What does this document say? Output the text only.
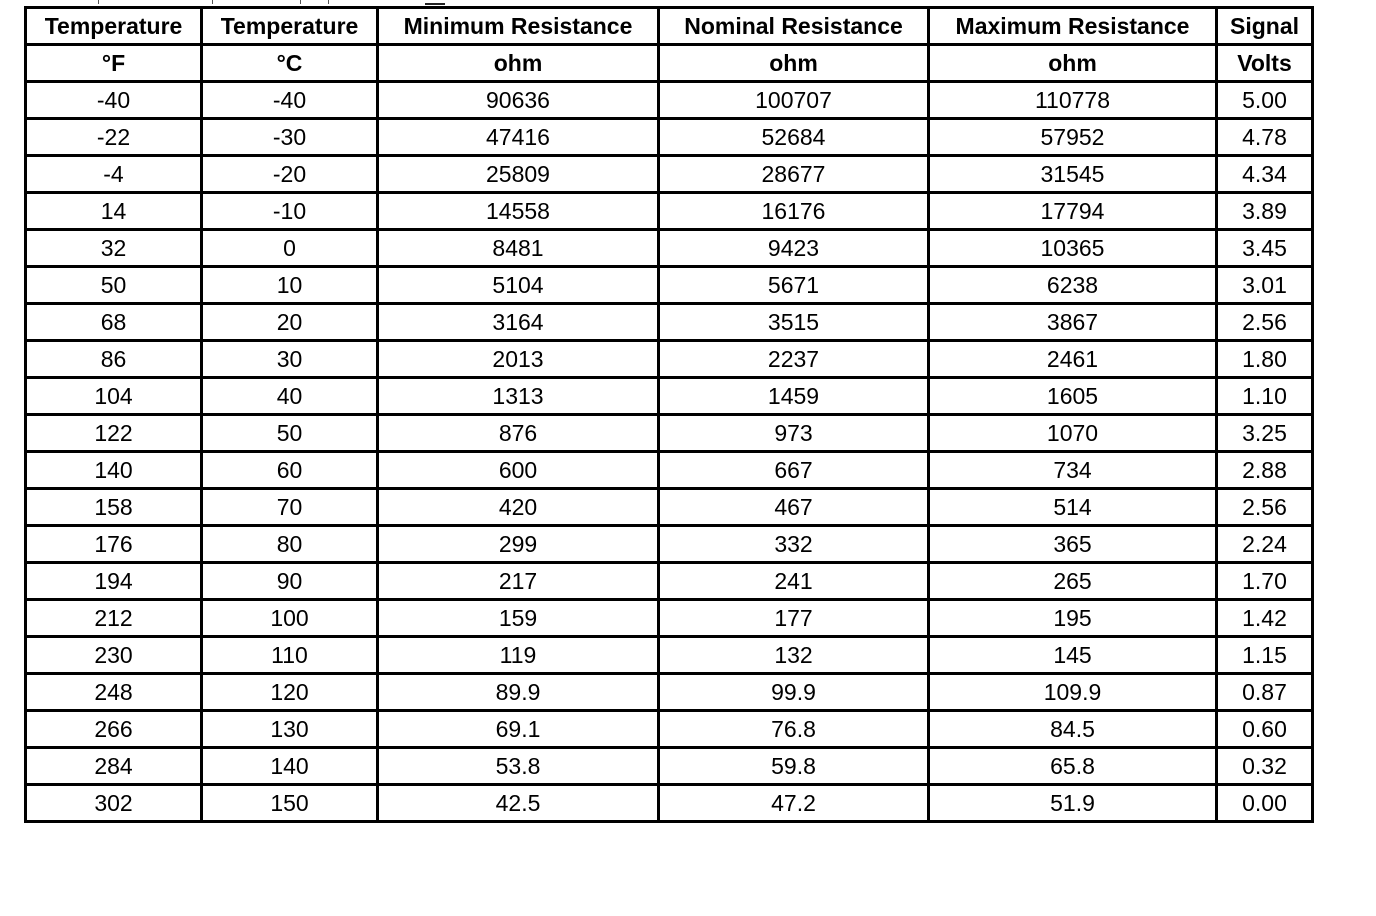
Temperature	Temperature	Minimum Resistance	Nominal Resistance	Maximum Resistance	Signal
°F	°C	ohm	ohm	ohm	Volts
-40	-40	90636	100707	110778	5.00
-22	-30	47416	52684	57952	4.78
-4	-20	25809	28677	31545	4.34
14	-10	14558	16176	17794	3.89
32	0	8481	9423	10365	3.45
50	10	5104	5671	6238	3.01
68	20	3164	3515	3867	2.56
86	30	2013	2237	2461	1.80
104	40	1313	1459	1605	1.10
122	50	876	973	1070	3.25
140	60	600	667	734	2.88
158	70	420	467	514	2.56
176	80	299	332	365	2.24
194	90	217	241	265	1.70
212	100	159	177	195	1.42
230	110	119	132	145	1.15
248	120	89.9	99.9	109.9	0.87
266	130	69.1	76.8	84.5	0.60
284	140	53.8	59.8	65.8	0.32
302	150	42.5	47.2	51.9	0.00
